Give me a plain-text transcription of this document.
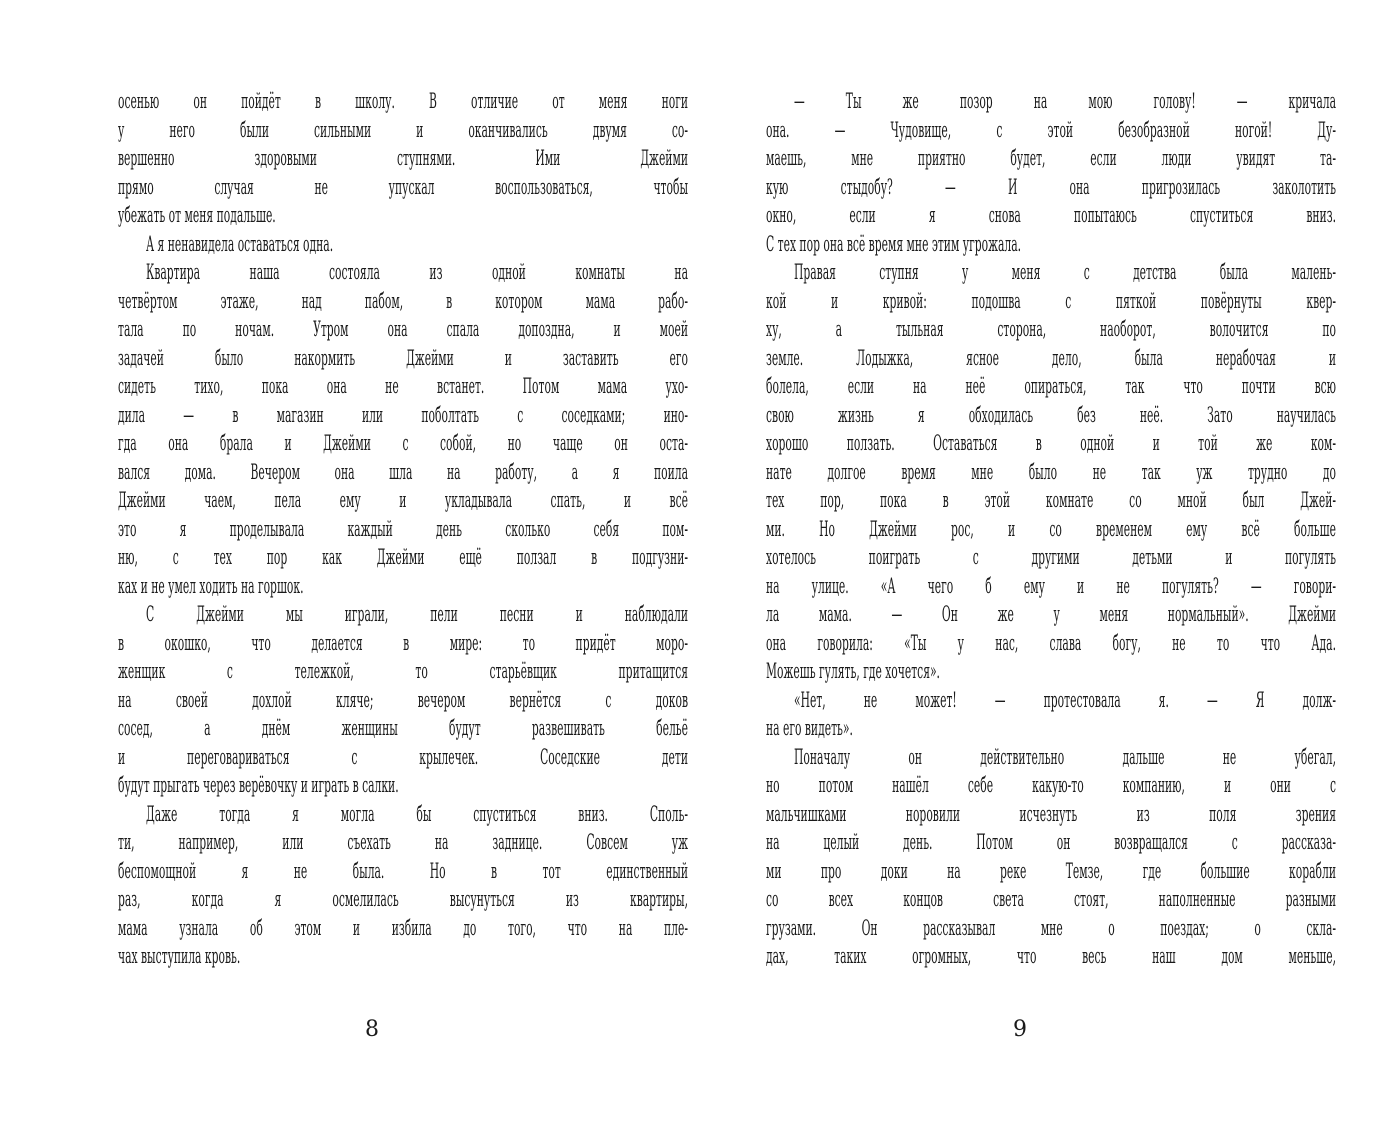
осенью он пойдёт в школу. В отличие от меня ноги
у него были сильными и оканчивались двумя со-
вершенно здоровыми ступнями. Ими Джейми
прямо случая не упускал воспользоваться, чтобы
убежать от меня подальше.
А я ненавидела оставаться одна.
Квартира наша состояла из одной комнаты на
четвёртом этаже, над пабом, в котором мама рабо-
тала по ночам. Утром она спала допоздна, и моей
задачей было накормить Джейми и заставить его
сидеть тихо, пока она не встанет. Потом мама ухо-
дила — в магазин или поболтать с соседками; ино-
гда она брала и Джейми с собой, но чаще он оста-
вался дома. Вечером она шла на работу, а я поила
Джейми чаем, пела ему и укладывала спать, и всё
это я проделывала каждый день сколько себя пом-
ню, с тех пор как Джейми ещё ползал в подгузни-
ках и не умел ходить на горшок.
С Джейми мы играли, пели песни и наблюдали
в окошко, что делается в мире: то придёт моро-
женщик с тележкой, то старьёвщик притащится
на своей дохлой кляче; вечером вернётся с доков
сосед, а днём женщины будут развешивать бельё
и переговариваться с крылечек. Соседские дети
будут прыгать через верёвочку и играть в салки.
Даже тогда я могла бы спуститься вниз. Споль-
ти, например, или съехать на заднице. Совсем уж
беспомощной я не была. Но в тот единственный
раз, когда я осмелилась высунуться из квартиры,
мама узнала об этом и избила до того, что на пле-
чах выступила кровь.
8
— Ты же позор на мою голову! — кричала
она. — Чудовище, с этой безобразной ногой! Ду-
маешь, мне приятно будет, если люди увидят та-
кую стыдобу? — И она пригрозилась заколотить
окно, если я снова попытаюсь спуститься вниз.
С тех пор она всё время мне этим угрожала.
Правая ступня у меня с детства была малень-
кой и кривой: подошва с пяткой повёрнуты квер-
ху, а тыльная сторона, наоборот, волочится по
земле. Лодыжка, ясное дело, была нерабочая и
болела, если на неё опираться, так что почти всю
свою жизнь я обходилась без неё. Зато научилась
хорошо ползать. Оставаться в одной и той же ком-
нате долгое время мне было не так уж трудно до
тех пор, пока в этой комнате со мной был Джей-
ми. Но Джейми рос, и со временем ему всё больше
хотелось поиграть с другими детьми и погулять
на улице. «А чего б ему и не погулять? — говори-
ла мама. — Он же у меня нормальный». Джейми
она говорила: «Ты у нас, слава богу, не то что Ада.
Можешь гулять, где хочется».
«Нет, не может! — протестовала я. — Я долж-
на его видеть».
Поначалу он действительно дальше не убегал,
но потом нашёл себе какую-то компанию, и они с
мальчишками норовили исчезнуть из поля зрения
на целый день. Потом он возвращался с рассказа-
ми про доки на реке Темзе, где большие корабли
со всех концов света стоят, наполненные разными
грузами. Он рассказывал мне о поездах; о скла-
дах, таких огромных, что весь наш дом меньше,
9
